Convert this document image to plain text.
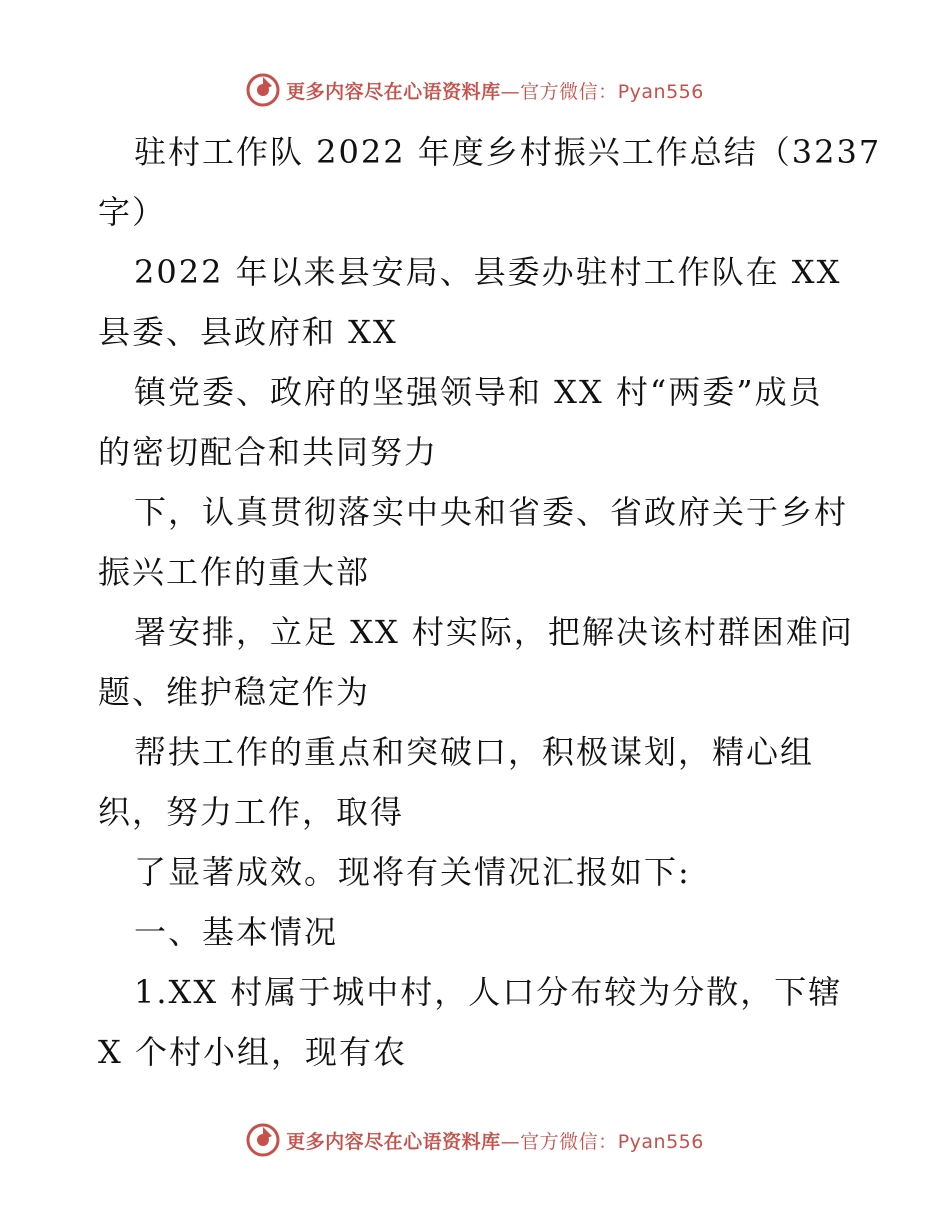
更多内容尽在心语资料库—官方微信：Pyan556
驻村工作队 2022 年度乡村振兴工作总结（3237
字）
2022 年以来县安局、县委办驻村工作队在 XX
县委、县政府和 XX
镇党委、政府的坚强领导和 XX 村“两委”成员
的密切配合和共同努力
下，认真贯彻落实中央和省委、省政府关于乡村
振兴工作的重大部
署安排，立足 XX 村实际，把解决该村群困难问
题、维护稳定作为
帮扶工作的重点和突破口，积极谋划，精心组
织，努力工作，取得
了显著成效。现将有关情况汇报如下:
一、基本情况
1.XX 村属于城中村，人口分布较为分散，下辖
X 个村小组，现有农
更多内容尽在心语资料库—官方微信：Pyan556
